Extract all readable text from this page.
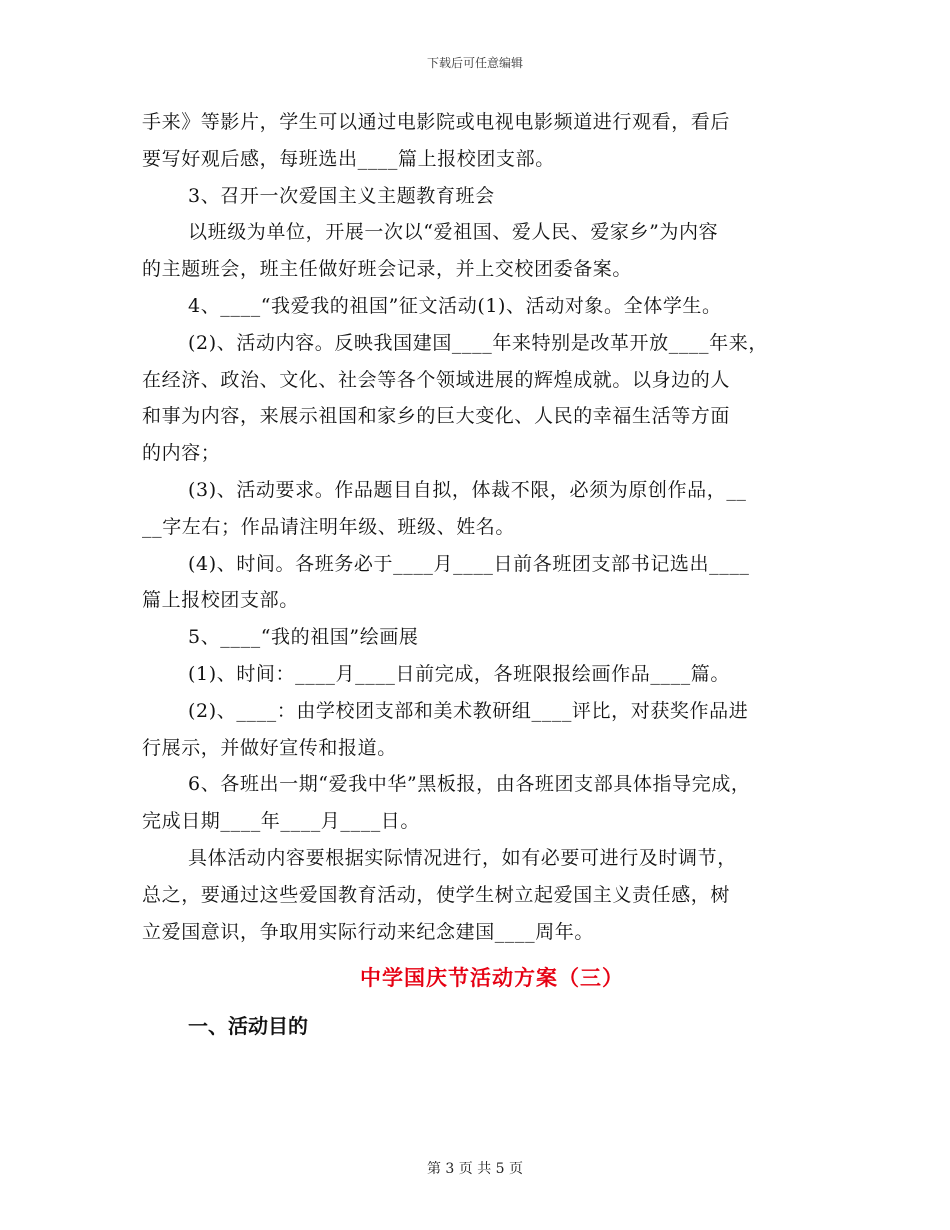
下载后可任意编辑
手来》等影片，学生可以通过电影院或电视电影频道进行观看，看后
要写好观后感，每班选出____篇上报校团支部。
3、召开一次爱国主义主题教育班会
以班级为单位，开展一次以“爱祖国、爱人民、爱家乡”为内容
的主题班会，班主任做好班会记录，并上交校团委备案。
4、____“我爱我的祖国”征文活动(1)、活动对象。全体学生。
(2)、活动内容。反映我国建国____年来特别是改革开放____年来，
在经济、政治、文化、社会等各个领域进展的辉煌成就。以身边的人
和事为内容，来展示祖国和家乡的巨大变化、人民的幸福生活等方面
的内容；
(3)、活动要求。作品题目自拟，体裁不限，必须为原创作品，__
__字左右；作品请注明年级、班级、姓名。
(4)、时间。各班务必于____月____日前各班团支部书记选出____
篇上报校团支部。
5、____“我的祖国”绘画展
(1)、时间：____月____日前完成，各班限报绘画作品____篇。
(2)、____：由学校团支部和美术教研组____评比，对获奖作品进
行展示，并做好宣传和报道。
6、各班出一期“爱我中华”黑板报，由各班团支部具体指导完成，
完成日期____年____月____日。
具体活动内容要根据实际情况进行，如有必要可进行及时调节，
总之，要通过这些爱国教育活动，使学生树立起爱国主义责任感，树
立爱国意识，争取用实际行动来纪念建国____周年。
中学国庆节活动方案（三）
一、活动目的
第 3 页 共 5 页
